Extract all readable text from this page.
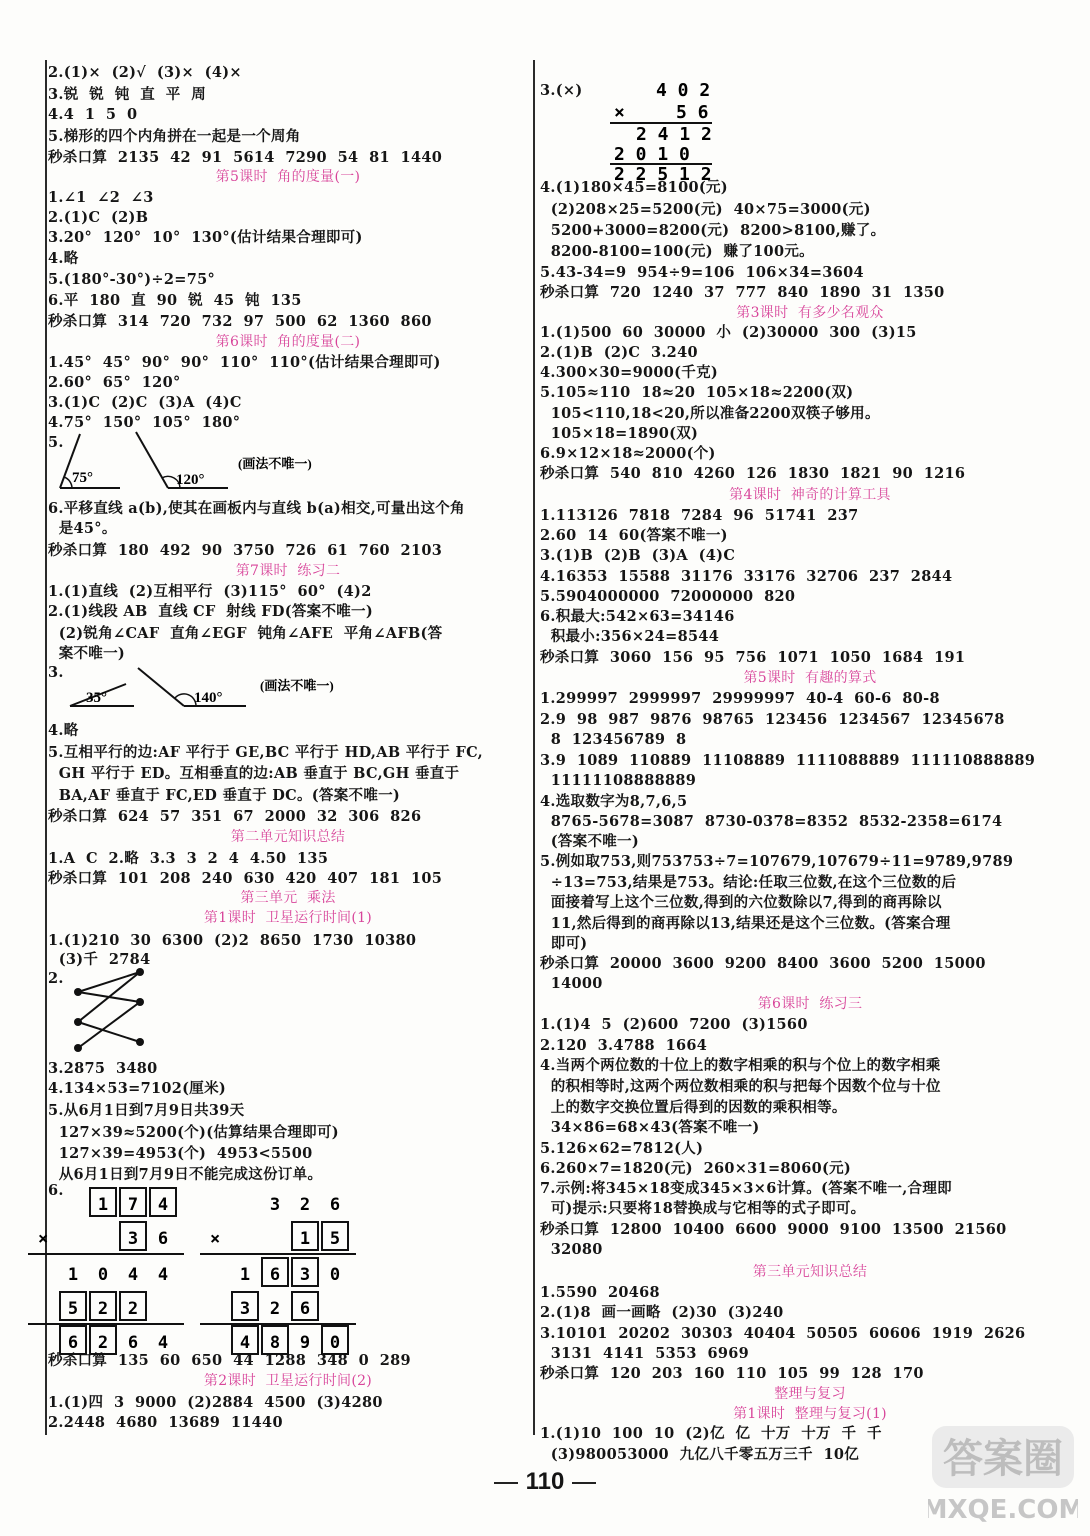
2.(1)×  (2)√  (3)×  (4)×
3.锐  锐  钝  直  平  周
4.4  1  5  0
5.梯形的四个内角拼在一起是一个周角
秒杀口算  2135  42  91  5614  7290  54  81  1440
第5课时  角的度量(一)
1.∠1  ∠2  ∠3
2.(1)C  (2)B
3.20°  120°  10°  130°(估计结果合理即可)
4.略
5.(180°-30°)÷2=75°
6.平  180  直  90  锐  45  钝  135
秒杀口算  314  720  732  97  500  62  1360  860
第6课时  角的度量(二)
1.45°  45°  90°  90°  110°  110°(估计结果合理即可)
2.60°  65°  120°
3.(1)C  (2)C  (3)A  (4)C
4.75°  150°  105°  180°
5.
6.平移直线 a(b),使其在画板内与直线 b(a)相交,可量出这个角
是45°。
秒杀口算  180  492  90  3750  726  61  760  2103
第7课时  练习二
1.(1)直线  (2)互相平行  (3)115°  60°  (4)2
2.(1)线段 AB  直线 CF  射线 FD(答案不唯一)
(2)锐角∠CAF  直角∠EGF  钝角∠AFE  平角∠AFB(答
案不唯一)
3.
4.略
5.互相平行的边:AF 平行于 GE,BC 平行于 HD,AB 平行于 FC,
GH 平行于 ED。互相垂直的边:AB 垂直于 BC,GH 垂直于
BA,AF 垂直于 FC,ED 垂直于 DC。(答案不唯一)
秒杀口算  624  57  351  67  2000  32  306  826
第二单元知识总结
1.A  C  2.略  3.3  3  2  4  4.50  135
秒杀口算  101  208  240  630  420  407  181  105
第三单元  乘法
第1课时  卫星运行时间(1)
1.(1)210  30  6300  (2)2  8650  1730  10380
(3)千  2784
2.
3.2875  3480
4.134×53=7102(厘米)
5.从6月1日到7月9日共39天
127×39≈5200(个)(估算结果合理即可)
127×39=4953(个)  4953<5500
从6月1日到7月9日不能完成这份订单。
6.
秒杀口算  135  60  650  44  1288  348  0  289
第2课时  卫星运行时间(2)
1.(1)四  3  9000  (2)2884  4500  (3)4280
2.2448  4680  13689  11440
3.(×)
4.(1)180×45=8100(元)
(2)208×25=5200(元)  40×75=3000(元)
5200+3000=8200(元)  8200>8100,赚了。
8200-8100=100(元)  赚了100元。
5.43-34=9  954÷9=106  106×34=3604
秒杀口算  720  1240  37  777  840  1890  31  1350
第3课时  有多少名观众
1.(1)500  60  30000  小  (2)30000  300  (3)15
2.(1)B  (2)C  3.240
4.300×30=9000(千克)
5.105≈110  18≈20  105×18≈2200(双)
105<110,18<20,所以准备2200双筷子够用。
105×18=1890(双)
6.9×12×18≈2000(个)
秒杀口算  540  810  4260  126  1830  1821  90  1216
第4课时  神奇的计算工具
1.113126  7818  7284  96  51741  237
2.60  14  60(答案不唯一)
3.(1)B  (2)B  (3)A  (4)C
4.16353  15588  31176  33176  32706  237  2844
5.5904000000  72000000  820
6.积最大:542×63=34146
积最小:356×24=8544
秒杀口算  3060  156  95  756  1071  1050  1684  191
第5课时  有趣的算式
1.299997  2999997  29999997  40-4  60-6  80-8
2.9  98  987  9876  98765  123456  1234567  12345678
8  123456789  8
3.9  1089  110889  11108889  1111088889  111110888889
11111108888889
4.选取数字为8,7,6,5
8765-5678=3087  8730-0378=8352  8532-2358=6174
(答案不唯一)
5.例如取753,则753753÷7=107679,107679÷11=9789,9789
÷13=753,结果是753。结论:任取三位数,在这个三位数的后
面接着写上这个三位数,得到的六位数除以7,得到的商再除以
11,然后得到的商再除以13,结果还是这个三位数。(答案合理
即可)
秒杀口算  20000  3600  9200  8400  3600  5200  15000
14000
第6课时  练习三
1.(1)4  5  (2)600  7200  (3)1560
2.120  3.4788  1664
4.当两个两位数的十位上的数字相乘的积与个位上的数字相乘
的积相等时,这两个两位数相乘的积与把每个因数个位与十位
上的数字交换位置后得到的因数的乘积相等。
34×86=68×43(答案不唯一)
5.126×62=7812(人)
6.260×7=1820(元)  260×31=8060(元)
7.示例:将345×18变成345×3×6计算。(答案不唯一,合理即
可)提示:只要将18替换成与它相等的式子即可。
秒杀口算  12800  10400  6600  9000  9100  13500  21560
32080
第三单元知识总结
1.5590  20468
2.(1)8  画一画略  (2)30  (3)240
3.10101  20202  30303  40404  50505  60606  1919  2626
3131  4141  5353  6969
秒杀口算  120  203  160  110  105  99  128  170
整理与复习
第1课时  整理与复习(1)
1.(1)10  100  10  (2)亿  亿  十万  十万  千  千
(3)980053000  九亿八千零五万三千  10亿
75°	120°
(画法不唯一)
35°	140°
(画法不唯一)
1 7 4
3 6
1 0 4 4
5 2 2
6 2 6 4
×
3 2 6
1 5
1 6 3 0
3 2 6
4 8 9 0
×
4 0 2
×	5 6
2 4 1 2
2 0 1 0
2 2 5 1 2
110	答案圈
MXQE.COM
